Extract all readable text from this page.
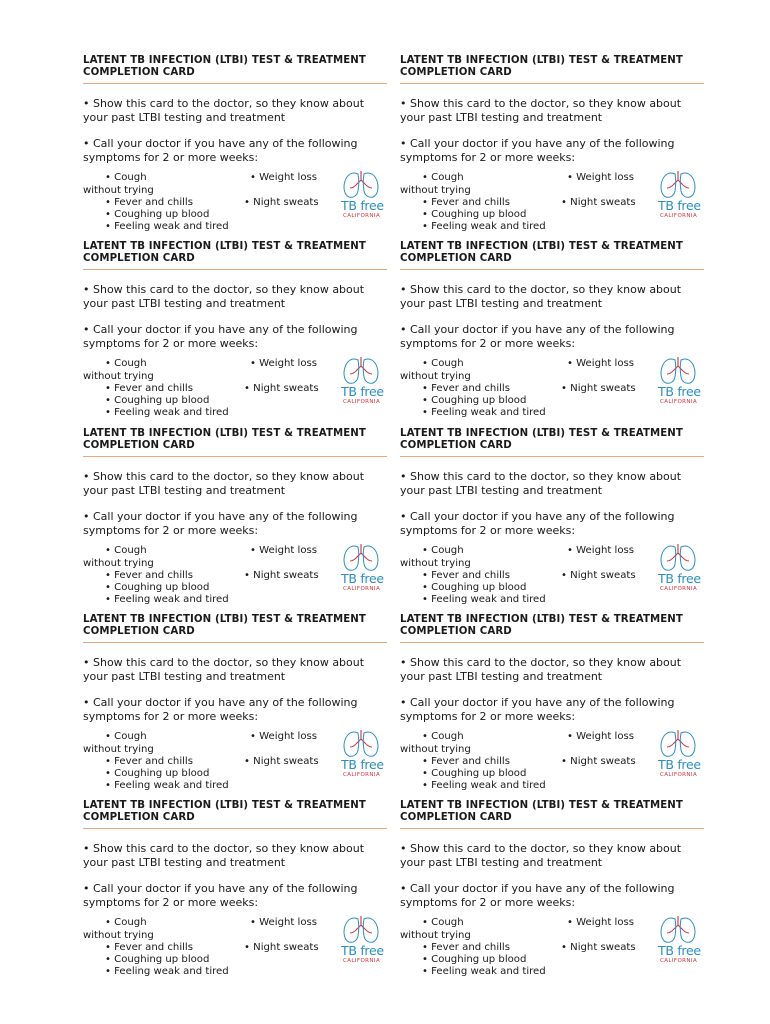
LATENT TB INFECTION (LTBI) TEST & TREATMENT
COMPLETION CARD
• Show this card to the doctor, so they know about your past LTBI testing and treatment
• Call your doctor if you have any of the following symptoms for 2 or more weeks:
• Cough	• Weight loss
without trying
• Fever and chills	• Night sweats
• Coughing up blood
• Feeling weak and tired
TB free
CALIFORNIA
LATENT TB INFECTION (LTBI) TEST & TREATMENT
COMPLETION CARD
• Show this card to the doctor, so they know about your past LTBI testing and treatment
• Call your doctor if you have any of the following symptoms for 2 or more weeks:
• Cough	• Weight loss
without trying
• Fever and chills	• Night sweats
• Coughing up blood
• Feeling weak and tired
TB free
CALIFORNIA
LATENT TB INFECTION (LTBI) TEST & TREATMENT
COMPLETION CARD
• Show this card to the doctor, so they know about your past LTBI testing and treatment
• Call your doctor if you have any of the following symptoms for 2 or more weeks:
• Cough	• Weight loss
without trying
• Fever and chills	• Night sweats
• Coughing up blood
• Feeling weak and tired
TB free
CALIFORNIA
LATENT TB INFECTION (LTBI) TEST & TREATMENT
COMPLETION CARD
• Show this card to the doctor, so they know about your past LTBI testing and treatment
• Call your doctor if you have any of the following symptoms for 2 or more weeks:
• Cough	• Weight loss
without trying
• Fever and chills	• Night sweats
• Coughing up blood
• Feeling weak and tired
TB free
CALIFORNIA
LATENT TB INFECTION (LTBI) TEST & TREATMENT
COMPLETION CARD
• Show this card to the doctor, so they know about your past LTBI testing and treatment
• Call your doctor if you have any of the following symptoms for 2 or more weeks:
• Cough	• Weight loss
without trying
• Fever and chills	• Night sweats
• Coughing up blood
• Feeling weak and tired
TB free
CALIFORNIA
LATENT TB INFECTION (LTBI) TEST & TREATMENT
COMPLETION CARD
• Show this card to the doctor, so they know about your past LTBI testing and treatment
• Call your doctor if you have any of the following symptoms for 2 or more weeks:
• Cough	• Weight loss
without trying
• Fever and chills	• Night sweats
• Coughing up blood
• Feeling weak and tired
TB free
CALIFORNIA
LATENT TB INFECTION (LTBI) TEST & TREATMENT
COMPLETION CARD
• Show this card to the doctor, so they know about your past LTBI testing and treatment
• Call your doctor if you have any of the following symptoms for 2 or more weeks:
• Cough	• Weight loss
without trying
• Fever and chills	• Night sweats
• Coughing up blood
• Feeling weak and tired
TB free
CALIFORNIA
LATENT TB INFECTION (LTBI) TEST & TREATMENT
COMPLETION CARD
• Show this card to the doctor, so they know about your past LTBI testing and treatment
• Call your doctor if you have any of the following symptoms for 2 or more weeks:
• Cough	• Weight loss
without trying
• Fever and chills	• Night sweats
• Coughing up blood
• Feeling weak and tired
TB free
CALIFORNIA
LATENT TB INFECTION (LTBI) TEST & TREATMENT
COMPLETION CARD
• Show this card to the doctor, so they know about your past LTBI testing and treatment
• Call your doctor if you have any of the following symptoms for 2 or more weeks:
• Cough	• Weight loss
without trying
• Fever and chills	• Night sweats
• Coughing up blood
• Feeling weak and tired
TB free
CALIFORNIA
LATENT TB INFECTION (LTBI) TEST & TREATMENT
COMPLETION CARD
• Show this card to the doctor, so they know about your past LTBI testing and treatment
• Call your doctor if you have any of the following symptoms for 2 or more weeks:
• Cough	• Weight loss
without trying
• Fever and chills	• Night sweats
• Coughing up blood
• Feeling weak and tired
TB free
CALIFORNIA
